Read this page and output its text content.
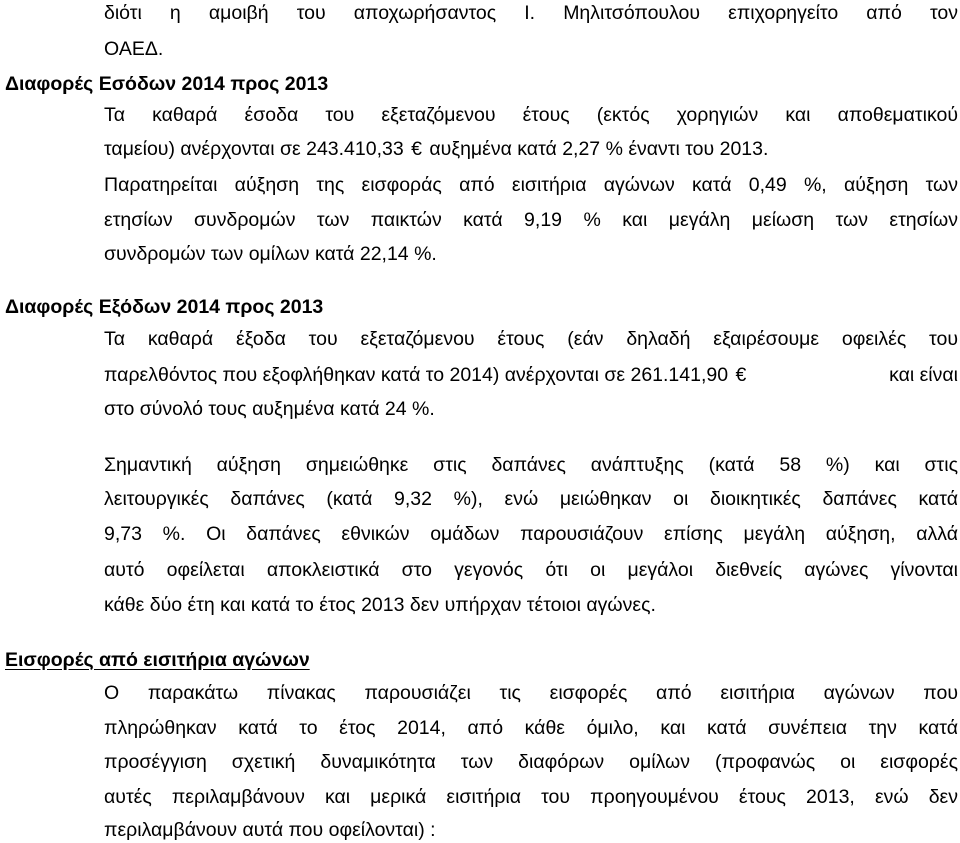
διότι η αμοιβή του αποχωρήσαντος Ι. Μηλιτσόπουλου επιχορηγείτο από τον
ΟΑΕΔ.
Διαφορές Εσόδων 2014 προς 2013
Τα καθαρά έσοδα του εξεταζόμενου έτους (εκτός χορηγιών και αποθεματικού
ταμείου) ανέρχονται σε 243.410,33 € αυξημένα κατά 2,27 % έναντι του 2013.
Παρατηρείται αύξηση της εισφοράς από εισιτήρια αγώνων κατά 0,49 %, αύξηση των
ετησίων συνδρομών των παικτών κατά 9,19 % και μεγάλη μείωση των ετησίων
συνδρομών των ομίλων κατά 22,14 %.
Διαφορές Εξόδων 2014 προς 2013
Τα καθαρά έξοδα του εξεταζόμενου έτους (εάν δηλαδή εξαιρέσουμε οφειλές του
παρελθόντος που εξοφλήθηκαν κατά το 2014) ανέρχονται σε 261.141,90 €	και είναι
στο σύνολό τους αυξημένα κατά 24 %.
Σημαντική αύξηση σημειώθηκε στις δαπάνες ανάπτυξης (κατά 58 %) και στις
λειτουργικές δαπάνες (κατά 9,32 %), ενώ μειώθηκαν οι διοικητικές δαπάνες κατά
9,73 %. Οι δαπάνες εθνικών ομάδων παρουσιάζουν επίσης μεγάλη αύξηση, αλλά
αυτό οφείλεται αποκλειστικά στο γεγονός ότι οι μεγάλοι διεθνείς αγώνες γίνονται
κάθε δύο έτη και κατά το έτος 2013 δεν υπήρχαν τέτοιοι αγώνες.
Εισφορές από εισιτήρια αγώνων
Ο παρακάτω πίνακας παρουσιάζει τις εισφορές από εισιτήρια αγώνων που
πληρώθηκαν κατά το έτος 2014, από κάθε όμιλο, και κατά συνέπεια την κατά
προσέγγιση σχετική δυναμικότητα των διαφόρων ομίλων (προφανώς οι εισφορές
αυτές περιλαμβάνουν και μερικά εισιτήρια του προηγουμένου έτους 2013, ενώ δεν
περιλαμβάνουν αυτά που οφείλονται) :
